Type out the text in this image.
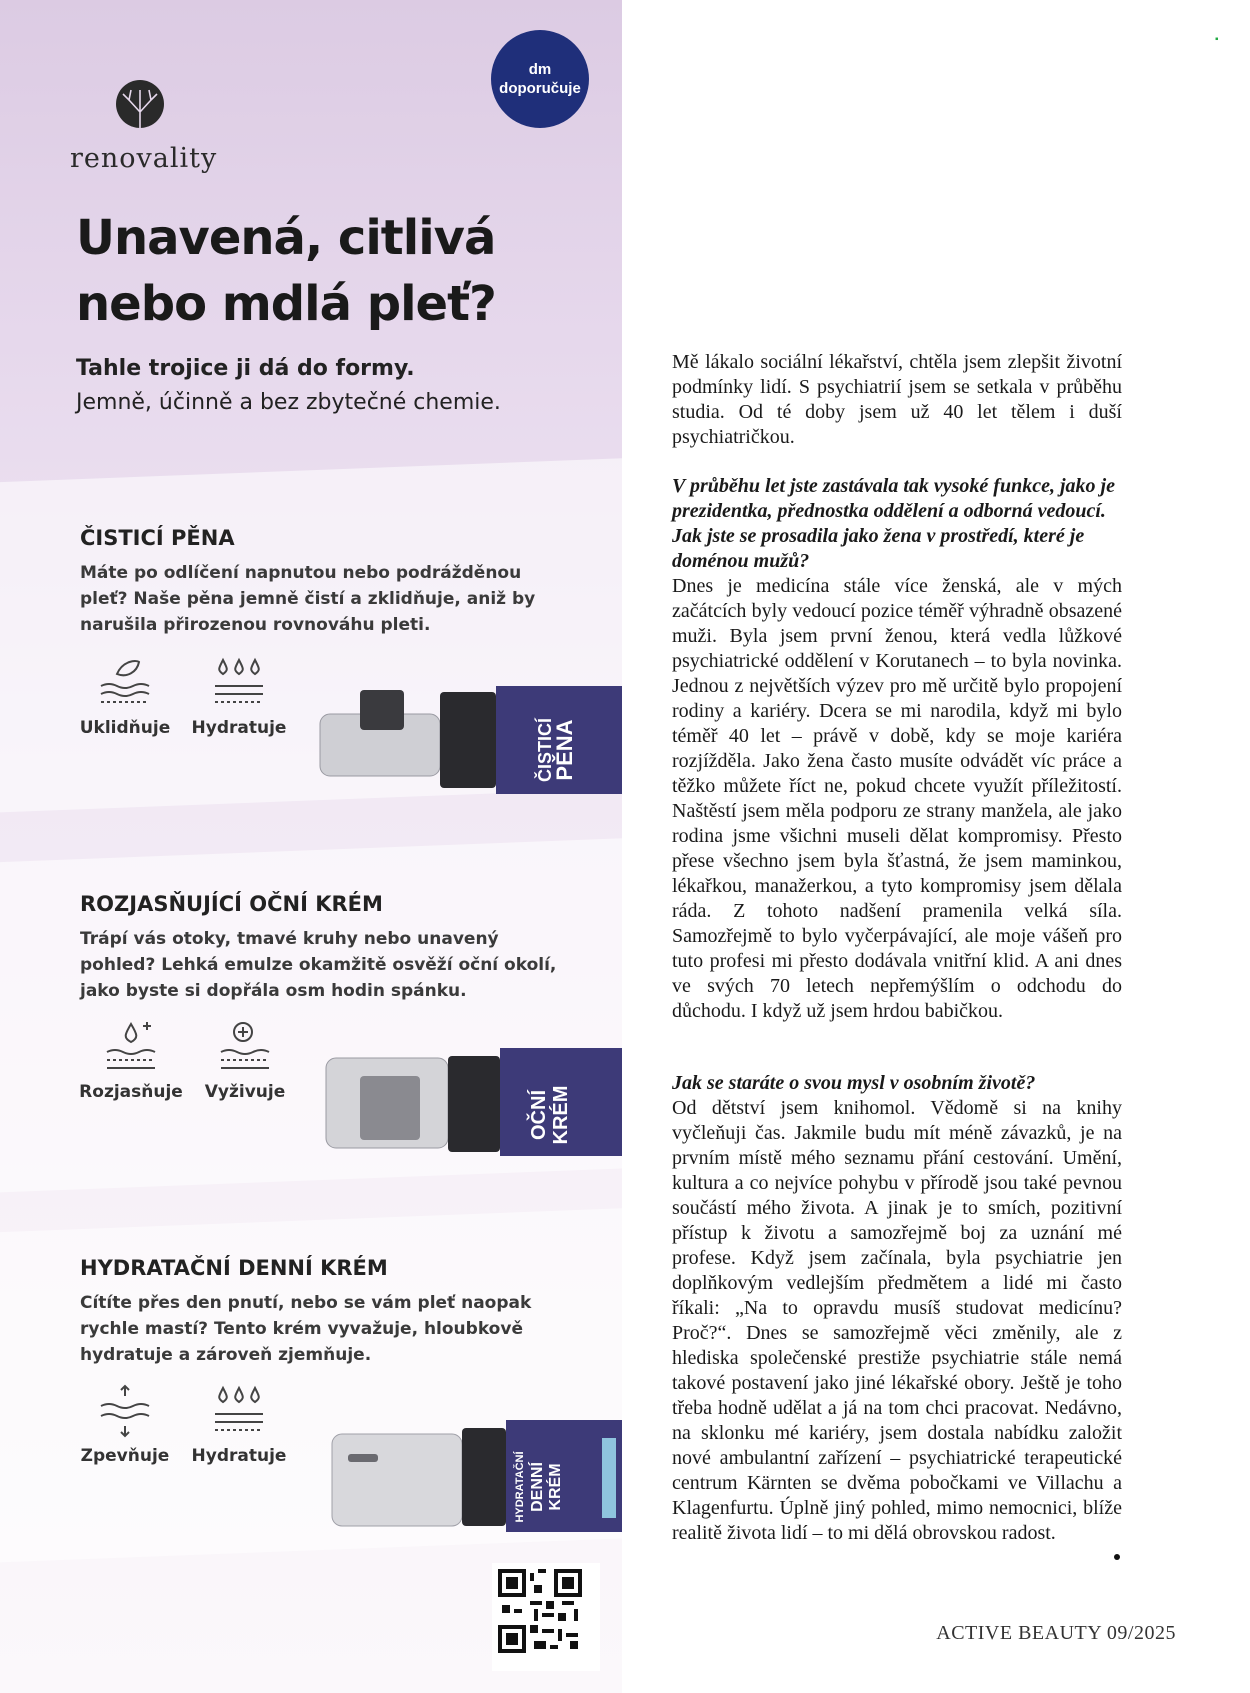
renovality
dm
doporučuje
Unavená, citlivá
nebo mdlá pleť?
Tahle trojice ji dá do formy.
Jemně, účinně a bez zbytečné chemie.
ČISTICÍ PĚNA

Máte po odlíčení napnutou nebo podrážděnou pleť? Naše pěna jemně čistí a zklidňuje, aniž by narušila přirozenou rovnováhu pleti.

Uklidňuje	Hydratuje	ČISTICÍ
PĚNA
ROZJASŇUJÍCÍ OČNÍ KRÉM

Trápí vás otoky, tmavé kruhy nebo unavený pohled? Lehká emulze okamžitě osvěží oční okolí, jako byste si dopřála osm hodin spánku.

Rozjasňuje	Vyživuje	OČNÍ KRÉM
HYDRATAČNÍ DENNÍ KRÉM

Cítíte přes den pnutí, nebo se vám pleť naopak rychle mastí? Tento krém vyvažuje, hloubkově hydratuje a zároveň zjemňuje.

Zpevňuje	Hydratuje	HYDRATAČNÍ DENNÍ KRÉM

Mě lákalo sociální lékařství, chtěla jsem zlepšit životní podmínky lidí. S psychiatrií jsem se setkala v průběhu studia. Od té doby jsem už 40 let tělem i duší psychiatričkou.

V průběhu let jste zastávala tak vysoké funkce, jako je prezidentka, přednostka oddělení a odborná vedoucí. Jak jste se prosadila jako žena v prostředí, které je doménou mužů?
Dnes je medicína stále více ženská, ale v mých začátcích byly vedoucí pozice téměř výhradně obsazené muži. Byla jsem první ženou, která vedla lůžkové psychiatrické oddělení v Korutanech – to byla novinka. Jednou z největších výzev pro mě určitě bylo propojení rodiny a kariéry. Dcera se mi narodila, když mi bylo téměř 40 let – právě v době, kdy se moje kariéra rozjížděla. Jako žena často musíte odvádět víc práce a těžko můžete říct ne, pokud chcete využít příležitostí. Naštěstí jsem měla podporu ze strany manžela, ale jako rodina jsme všichni museli dělat kompromisy. Přesto přese všechno jsem byla šťastná, že jsem maminkou, lékařkou, manažerkou, a tyto kompromisy jsem dělala ráda. Z tohoto nadšení pramenila velká síla. Samozřejmě to bylo vyčerpávající, ale moje vášeň pro tuto profesi mi přesto dodávala vnitřní klid. A ani dnes ve svých 70 letech nepřemýšlím o odchodu do důchodu. I když už jsem hrdou babičkou.

Jak se staráte o svou mysl v osobním životě?
Od dětství jsem knihomol. Vědomě si na knihy vyčleňuji čas. Jakmile budu mít méně závazků, je na prvním místě mého seznamu přání cestování. Umění, kultura a co nejvíce pohybu v přírodě jsou také pevnou součástí mého života. A jinak je to smích, pozitivní přístup k životu a samozřejmě boj za uznání mé profese. Když jsem začínala, byla psychiatrie jen doplňkovým vedlejším předmětem a lidé mi často říkali: „Na to opravdu musíš studovat medicínu? Proč?“. Dnes se samozřejmě věci změnily, ale z hlediska společenské prestiže psychiatrie stále nemá takové postavení jako jiné lékařské obory. Ještě je toho třeba hodně udělat a já na tom chci pracovat. Nedávno, na sklonku mé kariéry, jsem dostala nabídku založit nové ambulantní zařízení – psychiatrické terapeutické centrum Kärnten se dvěma pobočkami ve Villachu a Klagenfurtu. Úplně jiný pohled, mimo nemocnici, blíže realitě života lidí – to mi dělá obrovskou radost.

ACTIVE BEAUTY 09/2025
▪
